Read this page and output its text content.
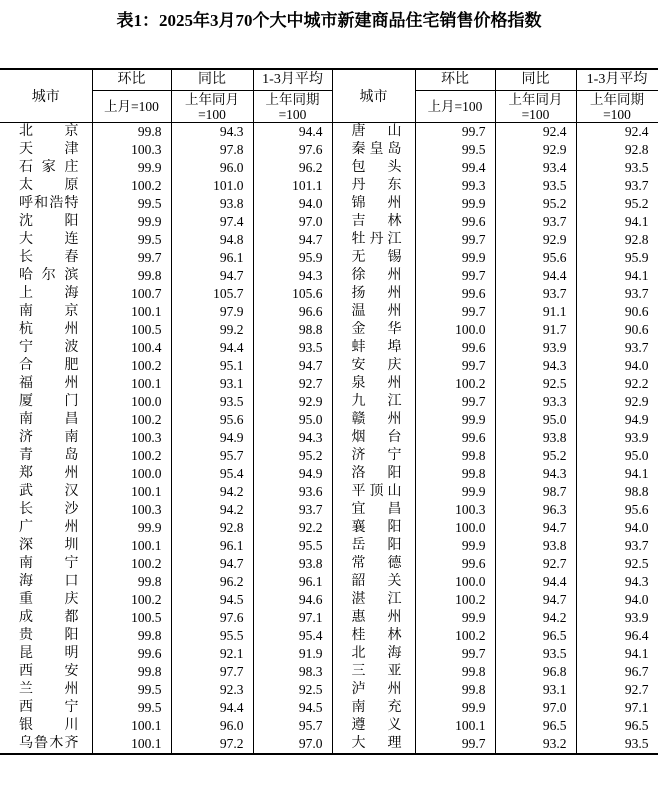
表1：2025年3月70个大中城市新建商品住宅销售价格指数
城市	环比	同比	1-3月平均	城市	环比	同比	1-3月平均

	上月=100	上年同月
=100	上年同期
=100		上月=100	上年同月
=100	上年同期
=100

北 京	99.8	94.3	94.4	唐 山	99.7	92.4	92.4

天 津	100.3	97.8	97.6	秦 皇 岛	99.5	92.9	92.8

石 家 庄	99.9	96.0	96.2	包 头	99.4	93.4	93.5

太 原	100.2	101.0	101.1	丹 东	99.3	93.5	93.7

呼 和 浩 特	99.5	93.8	94.0	锦 州	99.9	95.2	95.2

沈 阳	99.9	97.4	97.0	吉 林	99.6	93.7	94.1

大 连	99.5	94.8	94.7	牡 丹 江	99.7	92.9	92.8

长 春	99.7	96.1	95.9	无 锡	99.9	95.6	95.9

哈 尔 滨	99.8	94.7	94.3	徐 州	99.7	94.4	94.1

上 海	100.7	105.7	105.6	扬 州	99.6	93.7	93.7

南 京	100.1	97.9	96.6	温 州	99.7	91.1	90.6

杭 州	100.5	99.2	98.8	金 华	100.0	91.7	90.6

宁 波	100.4	94.4	93.5	蚌 埠	99.6	93.9	93.7

合 肥	100.2	95.1	94.7	安 庆	99.7	94.3	94.0

福 州	100.1	93.1	92.7	泉 州	100.2	92.5	92.2

厦 门	100.0	93.5	92.9	九 江	99.7	93.3	92.9

南 昌	100.2	95.6	95.0	赣 州	99.9	95.0	94.9

济 南	100.3	94.9	94.3	烟 台	99.6	93.8	93.9

青 岛	100.2	95.7	95.2	济 宁	99.8	95.2	95.0

郑 州	100.0	95.4	94.9	洛 阳	99.8	94.3	94.1

武 汉	100.1	94.2	93.6	平 顶 山	99.9	98.7	98.8

长 沙	100.3	94.2	93.7	宜 昌	100.3	96.3	95.6

广 州	99.9	92.8	92.2	襄 阳	100.0	94.7	94.0

深 圳	100.1	96.1	95.5	岳 阳	99.9	93.8	93.7

南 宁	100.2	94.7	93.8	常 德	99.6	92.7	92.5

海 口	99.8	96.2	96.1	韶 关	100.0	94.4	94.3

重 庆	100.2	94.5	94.6	湛 江	100.2	94.7	94.0

成 都	100.5	97.6	97.1	惠 州	99.9	94.2	93.9

贵 阳	99.8	95.5	95.4	桂 林	100.2	96.5	96.4

昆 明	99.6	92.1	91.9	北 海	99.7	93.5	94.1

西 安	99.8	97.7	98.3	三 亚	99.8	96.8	96.7

兰 州	99.5	92.3	92.5	泸 州	99.8	93.1	92.7

西 宁	99.5	94.4	94.5	南 充	99.9	97.0	97.1

银 川	100.1	96.0	95.7	遵 义	100.1	96.5	96.5

乌 鲁 木 齐	100.1	97.2	97.0	大 理	99.7	93.2	93.5
